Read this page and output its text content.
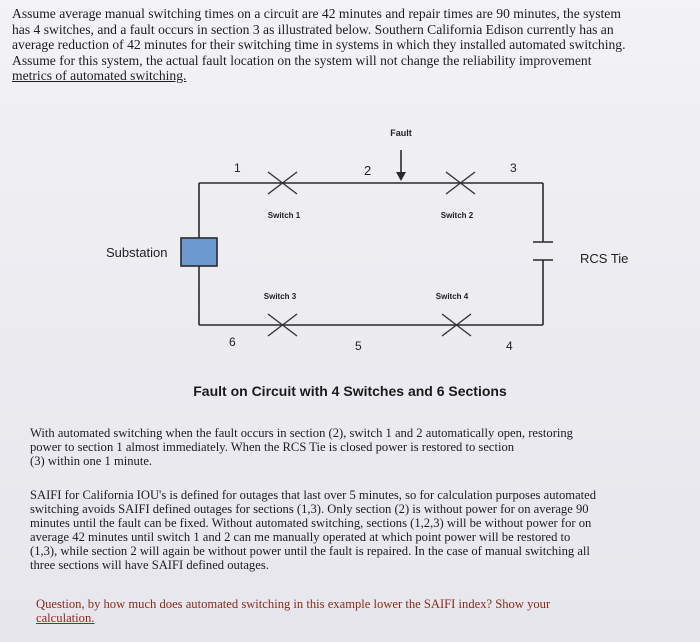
Assume average manual switching times on a circuit are 42 minutes and repair times are 90 minutes, the system
has 4 switches, and a fault occurs in section 3 as illustrated below. Southern California Edison currently has an
average reduction of 42 minutes for their switching time in systems in which they installed automated switching.
Assume for this system, the actual fault location on the system will not change the reliability improvement
metrics of automated switching.

Fault
Substation	RCS Tie
Switch 1	Switch 2
Switch 3	Switch 4
1	2	3
4
5
6
Fault on Circuit with 4 Switches and 6 Sections

With automated switching when the fault occurs in section (2), switch 1 and 2 automatically open, restoring
power to section 1 almost immediately. When the RCS Tie is closed power is restored to section
(3) within one 1 minute.

SAIFI for California IOU's is defined for outages that last over 5 minutes, so for calculation purposes automated
switching avoids SAIFI defined outages for sections (1,3). Only section (2) is without power for on average 90
minutes until the fault can be fixed. Without automated switching, sections (1,2,3) will be without power for on
average 42 minutes until switch 1 and 2 can me manually operated at which point power will be restored to
(1,3), while section 2 will again be without power until the fault is repaired. In the case of manual switching all
three sections will have SAIFI defined outages.

Question, by how much does automated switching in this example lower the SAIFI index? Show your
calculation.
